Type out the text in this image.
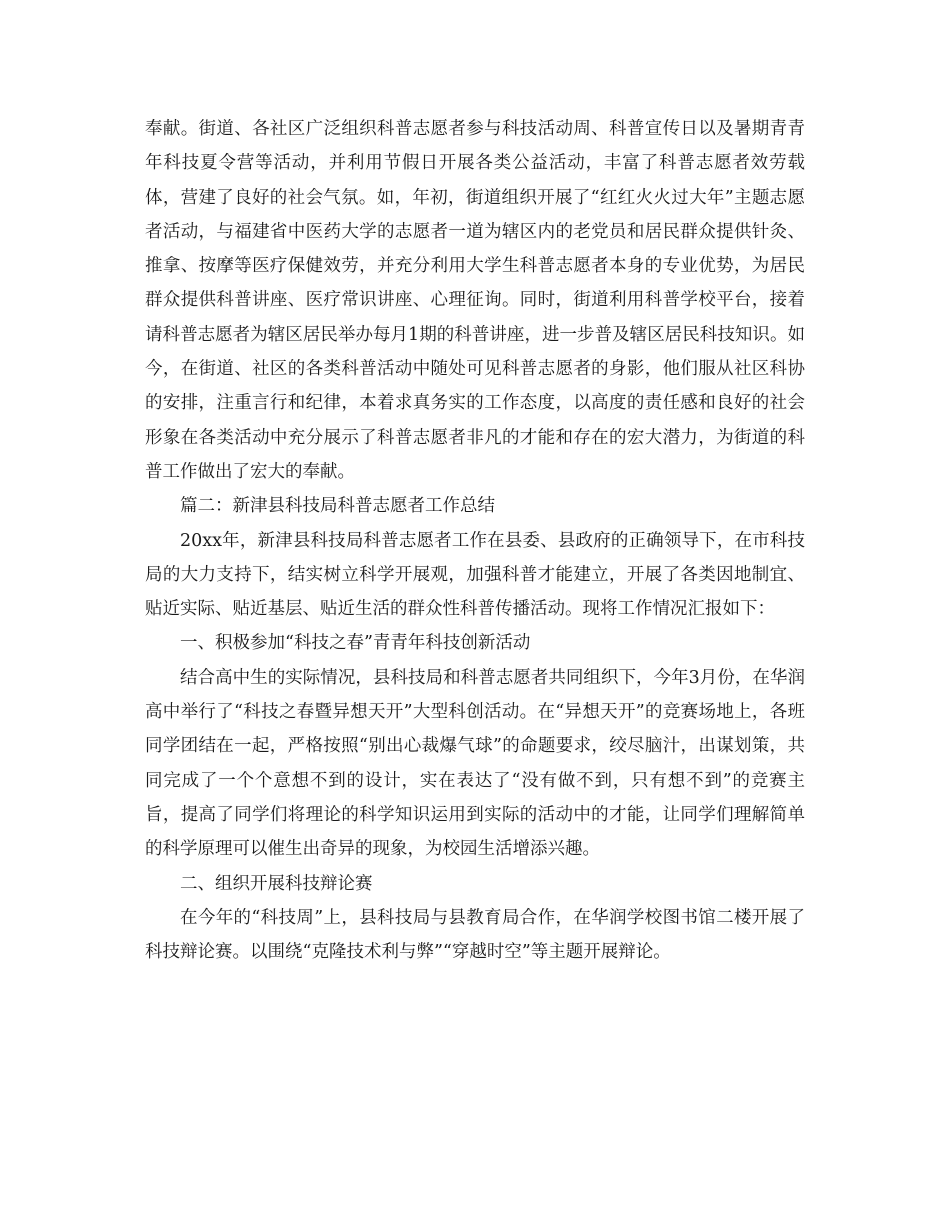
奉献。街道、各社区广泛组织科普志愿者参与科技活动周、科普宣传日以及暑期青青年科技夏令营等活动，并利用节假日开展各类公益活动，丰富了科普志愿者效劳载体，营建了良好的社会气氛。如，年初，街道组织开展了“红红火火过大年”主题志愿者活动，与福建省中医药大学的志愿者一道为辖区内的老党员和居民群众提供针灸、推拿、按摩等医疗保健效劳，并充分利用大学生科普志愿者本身的专业优势，为居民群众提供科普讲座、医疗常识讲座、心理征询。同时，街道利用科普学校平台，接着请科普志愿者为辖区居民举办每月1期的科普讲座，进一步普及辖区居民科技知识。如今，在街道、社区的各类科普活动中随处可见科普志愿者的身影，他们服从社区科协的安排，注重言行和纪律，本着求真务实的工作态度，以高度的责任感和良好的社会形象在各类活动中充分展示了科普志愿者非凡的才能和存在的宏大潜力，为街道的科普工作做出了宏大的奉献。

篇二：新津县科技局科普志愿者工作总结

20xx年，新津县科技局科普志愿者工作在县委、县政府的正确领导下，在市科技局的大力支持下，结实树立科学开展观，加强科普才能建立，开展了各类因地制宜、贴近实际、贴近基层、贴近生活的群众性科普传播活动。现将工作情况汇报如下：

一、积极参加“科技之春”青青年科技创新活动

结合高中生的实际情况，县科技局和科普志愿者共同组织下，今年3月份，在华润高中举行了“科技之春暨异想天开”大型科创活动。在“异想天开”的竞赛场地上，各班同学团结在一起，严格按照“别出心裁爆气球”的命题要求，绞尽脑汁，出谋划策，共同完成了一个个意想不到的设计，实在表达了“没有做不到，只有想不到”的竞赛主旨，提高了同学们将理论的科学知识运用到实际的活动中的才能，让同学们理解简单的科学原理可以催生出奇异的现象，为校园生活增添兴趣。

二、组织开展科技辩论赛

在今年的“科技周”上，县科技局与县教育局合作，在华润学校图书馆二楼开展了科技辩论赛。以围绕“克隆技术利与弊”“穿越时空”等主题开展辩论。
